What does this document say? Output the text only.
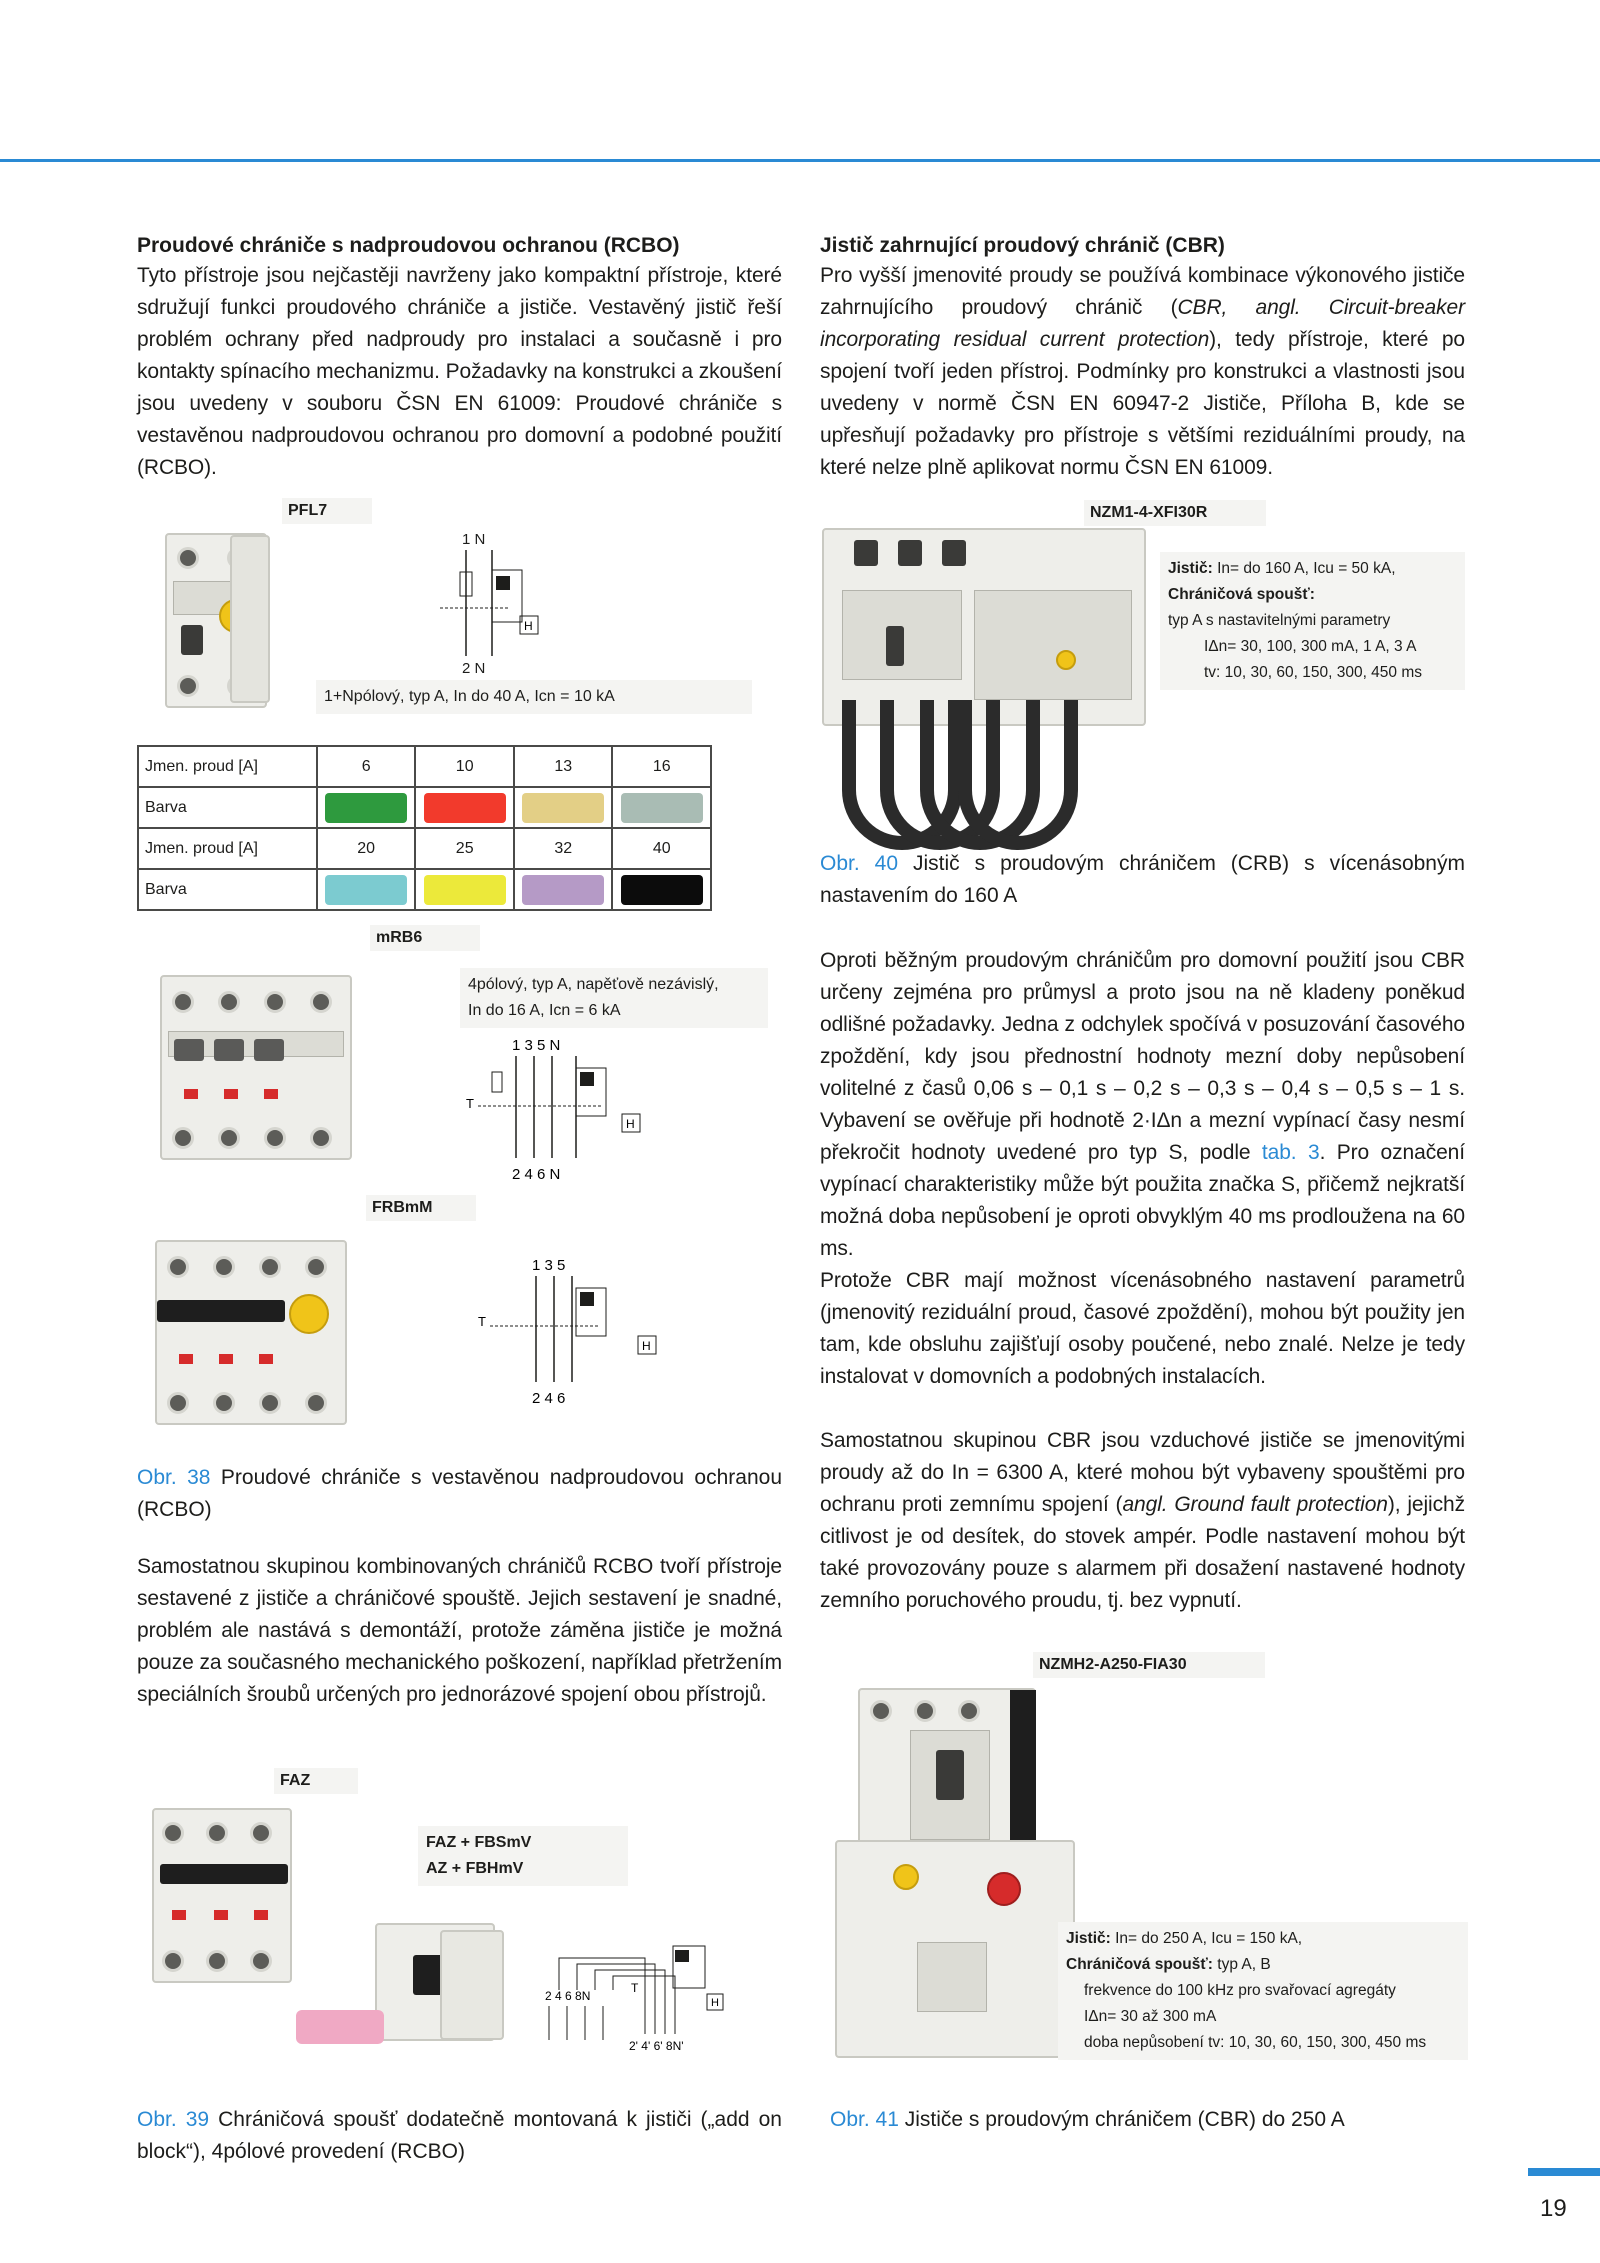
Proudové chrániče s nadproudovou ochranou (RCBO)

Tyto přístroje jsou nejčastěji navrženy jako kompaktní přístroje, které sdružují funkci proudového chrániče a jističe. Vestavěný jistič řeší problém ochrany před nadproudy pro instalaci a současně i pro kontakty spínacího mechanizmu. Požadavky na konstrukci a zkoušení jsou uvedeny v souboru ČSN EN 61009: Proudové chrániče s vestavěnou nadproudovou ochranou pro domovní a podobné použití (RCBO).

PFL7
1 N
H
2 N
1+Npólový, typ A, In do 40 A, Icn = 10 kA
Jmen. proud [A]	6	10	13	16
Barva				
Jmen. proud [A]	20	25	32	40
Barva				
mRB6
4pólový, typ A, napěťově nezávislý,
In do 16 A, Icn = 6 kA
1 3 5 N
T
H
2 4 6 N
FRBmM
1 3 5
T
H
2 4 6
Obr. 38 Proudové chrániče s vestavěnou nadproudovou ochranou (RCBO)

Samostatnou skupinou kombinovaných chráničů RCBO tvoří přístroje sestavené z jističe a chráničové spouště. Jejich sestavení je snadné, problém ale nastává s demontáží, protože záměna jističe je možná pouze za současného mechanického poškození, například přetržením speciálních šroubů určených pro jednorázové spojení obou přístrojů.

FAZ
FAZ + FBSmV
AZ + FBHmV
2 4 6 8N
T
H
2' 4' 6' 8N'
Obr. 39 Chráničová spoušť dodatečně montovaná k jističi („add on block“), 4pólové provedení (RCBO)
Jistič zahrnující proudový chránič (CBR)

Pro vyšší jmenovité proudy se používá kombinace výkonového jističe zahrnujícího proudový chránič (CBR, angl. Circuit-breaker incorporating residual current protection), tedy přístroje, které po spojení tvoří jeden přístroj. Podmínky pro konstrukci a vlastnosti jsou uvedeny v normě ČSN EN 60947-2 Jističe, Příloha B, kde se upřesňují požadavky pro přístroje s většími reziduálními proudy, na které nelze plně aplikovat normu ČSN EN 61009.

NZM1-4-XFI30R
Jistič: In= do 160 A, Icu = 50 kA,
Chráničová spoušť:
typ A s nastavitelnými parametry
IΔn= 30, 100, 300 mA, 1 A, 3 A
tv: 10, 30, 60, 150, 300, 450 ms
Obr. 40 Jistič s proudovým chráničem (CRB) s vícenásobným nastavením do 160 A

Oproti běžným proudovým chráničům pro domovní použití jsou CBR určeny zejména pro průmysl a proto jsou na ně kladeny poněkud odlišné požadavky. Jedna z odchylek spočívá v posuzování časového zpoždění, kdy jsou přednostní hodnoty mezní doby nepůsobení volitelné z časů 0,06 s – 0,1 s – 0,2 s – 0,3 s – 0,4 s – 0,5 s – 1 s. Vybavení se ověřuje při hodnotě 2·IΔn a mezní vypínací časy nesmí překročit hodnoty uvedené pro typ S, podle tab. 3. Pro označení vypínací charakteristiky může být použita značka S, přičemž nejkratší možná doba nepůsobení je oproti obvyklým 40 ms prodloužena na 60 ms.

Protože CBR mají možnost vícenásobného nastavení parametrů (jmenovitý reziduální proud, časové zpoždění), mohou být použity jen tam, kde obsluhu zajišťují osoby poučené, nebo znalé. Nelze je tedy instalovat v domovních a podobných instalacích.

Samostatnou skupinou CBR jsou vzduchové jističe se jmenovitými proudy až do In = 6300 A, které mohou být vybaveny spouštěmi pro ochranu proti zemnímu spojení (angl. Ground fault protection), jejichž citlivost je od desítek, do stovek ampér. Podle nastavení mohou být také provozovány pouze s alarmem při dosažení nastavené hodnoty zemního poruchového proudu, tj. bez vypnutí.

NZMH2-A250-FIA30
Jistič: In= do 250 A, Icu = 150 kA,
Chráničová spoušť: typ A, B
frekvence do 100 kHz pro svařovací agregáty
IΔn= 30 až 300 mA
doba nepůsobení tv: 10, 30, 60, 150, 300, 450 ms
Obr. 41 Jističe s proudovým chráničem (CBR) do 250 A
19
